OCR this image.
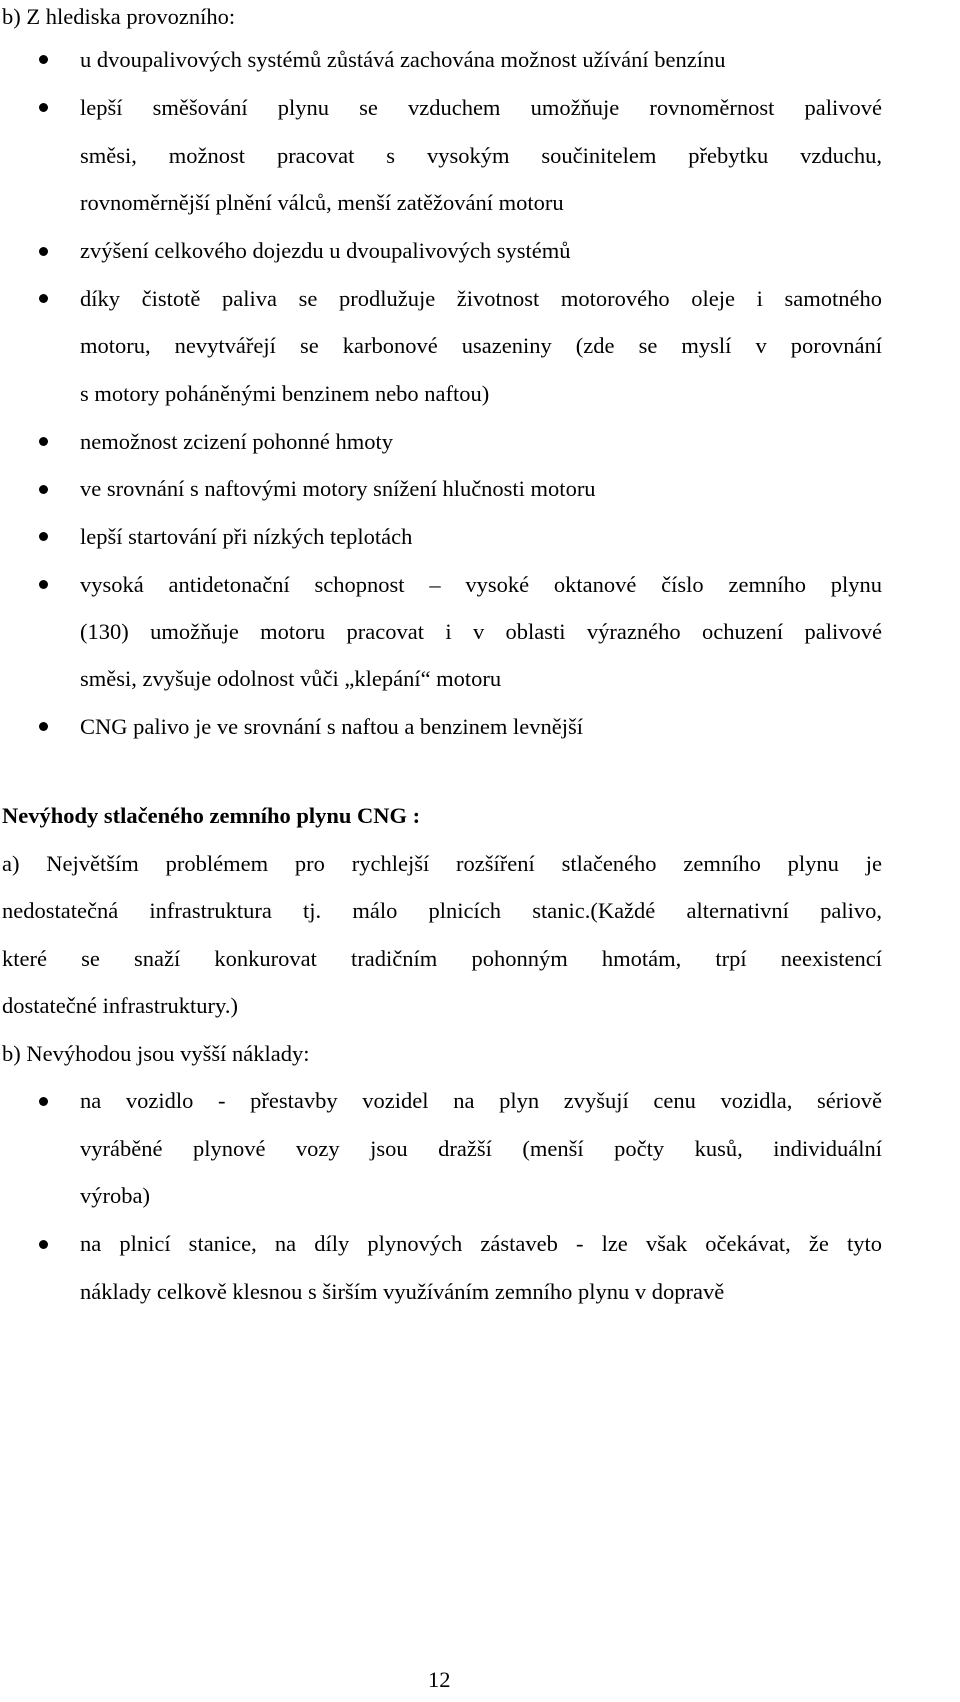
b) Z hlediska provozního:
u dvoupalivových systémů zůstává zachována možnost užívání benzínu
lepší směšování plynu se vzduchem umožňuje rovnoměrnost palivové
směsi, možnost pracovat s vysokým součinitelem přebytku vzduchu,
rovnoměrnější plnění válců, menší zatěžování motoru
zvýšení celkového dojezdu u dvoupalivových systémů
díky čistotě paliva se prodlužuje životnost motorového oleje i samotného
motoru, nevytvářejí se karbonové usazeniny (zde se myslí v porovnání
s motory poháněnými benzinem nebo naftou)
nemožnost zcizení pohonné hmoty
ve srovnání s naftovými motory snížení hlučnosti motoru
lepší startování při nízkých teplotách
vysoká antidetonační schopnost – vysoké oktanové číslo zemního plynu
(130) umožňuje motoru pracovat i v oblasti výrazného ochuzení palivové
směsi, zvyšuje odolnost vůči „klepání“ motoru
CNG palivo je ve srovnání s naftou a benzinem levnější
Nevýhody stlačeného zemního plynu CNG :
a) Největším problémem pro rychlejší rozšíření stlačeného zemního plynu je
nedostatečná infrastruktura tj. málo plnicích stanic.(Každé alternativní palivo,
které se snaží konkurovat tradičním pohonným hmotám, trpí neexistencí
dostatečné infrastruktury.)
b) Nevýhodou jsou vyšší náklady:
na vozidlo - přestavby vozidel na plyn zvyšují cenu vozidla, sériově
vyráběné plynové vozy jsou dražší (menší počty kusů, individuální
výroba)
na plnicí stanice, na díly plynových zástaveb - lze však očekávat, že tyto
náklady celkově klesnou s širším využíváním zemního plynu v dopravě
12
